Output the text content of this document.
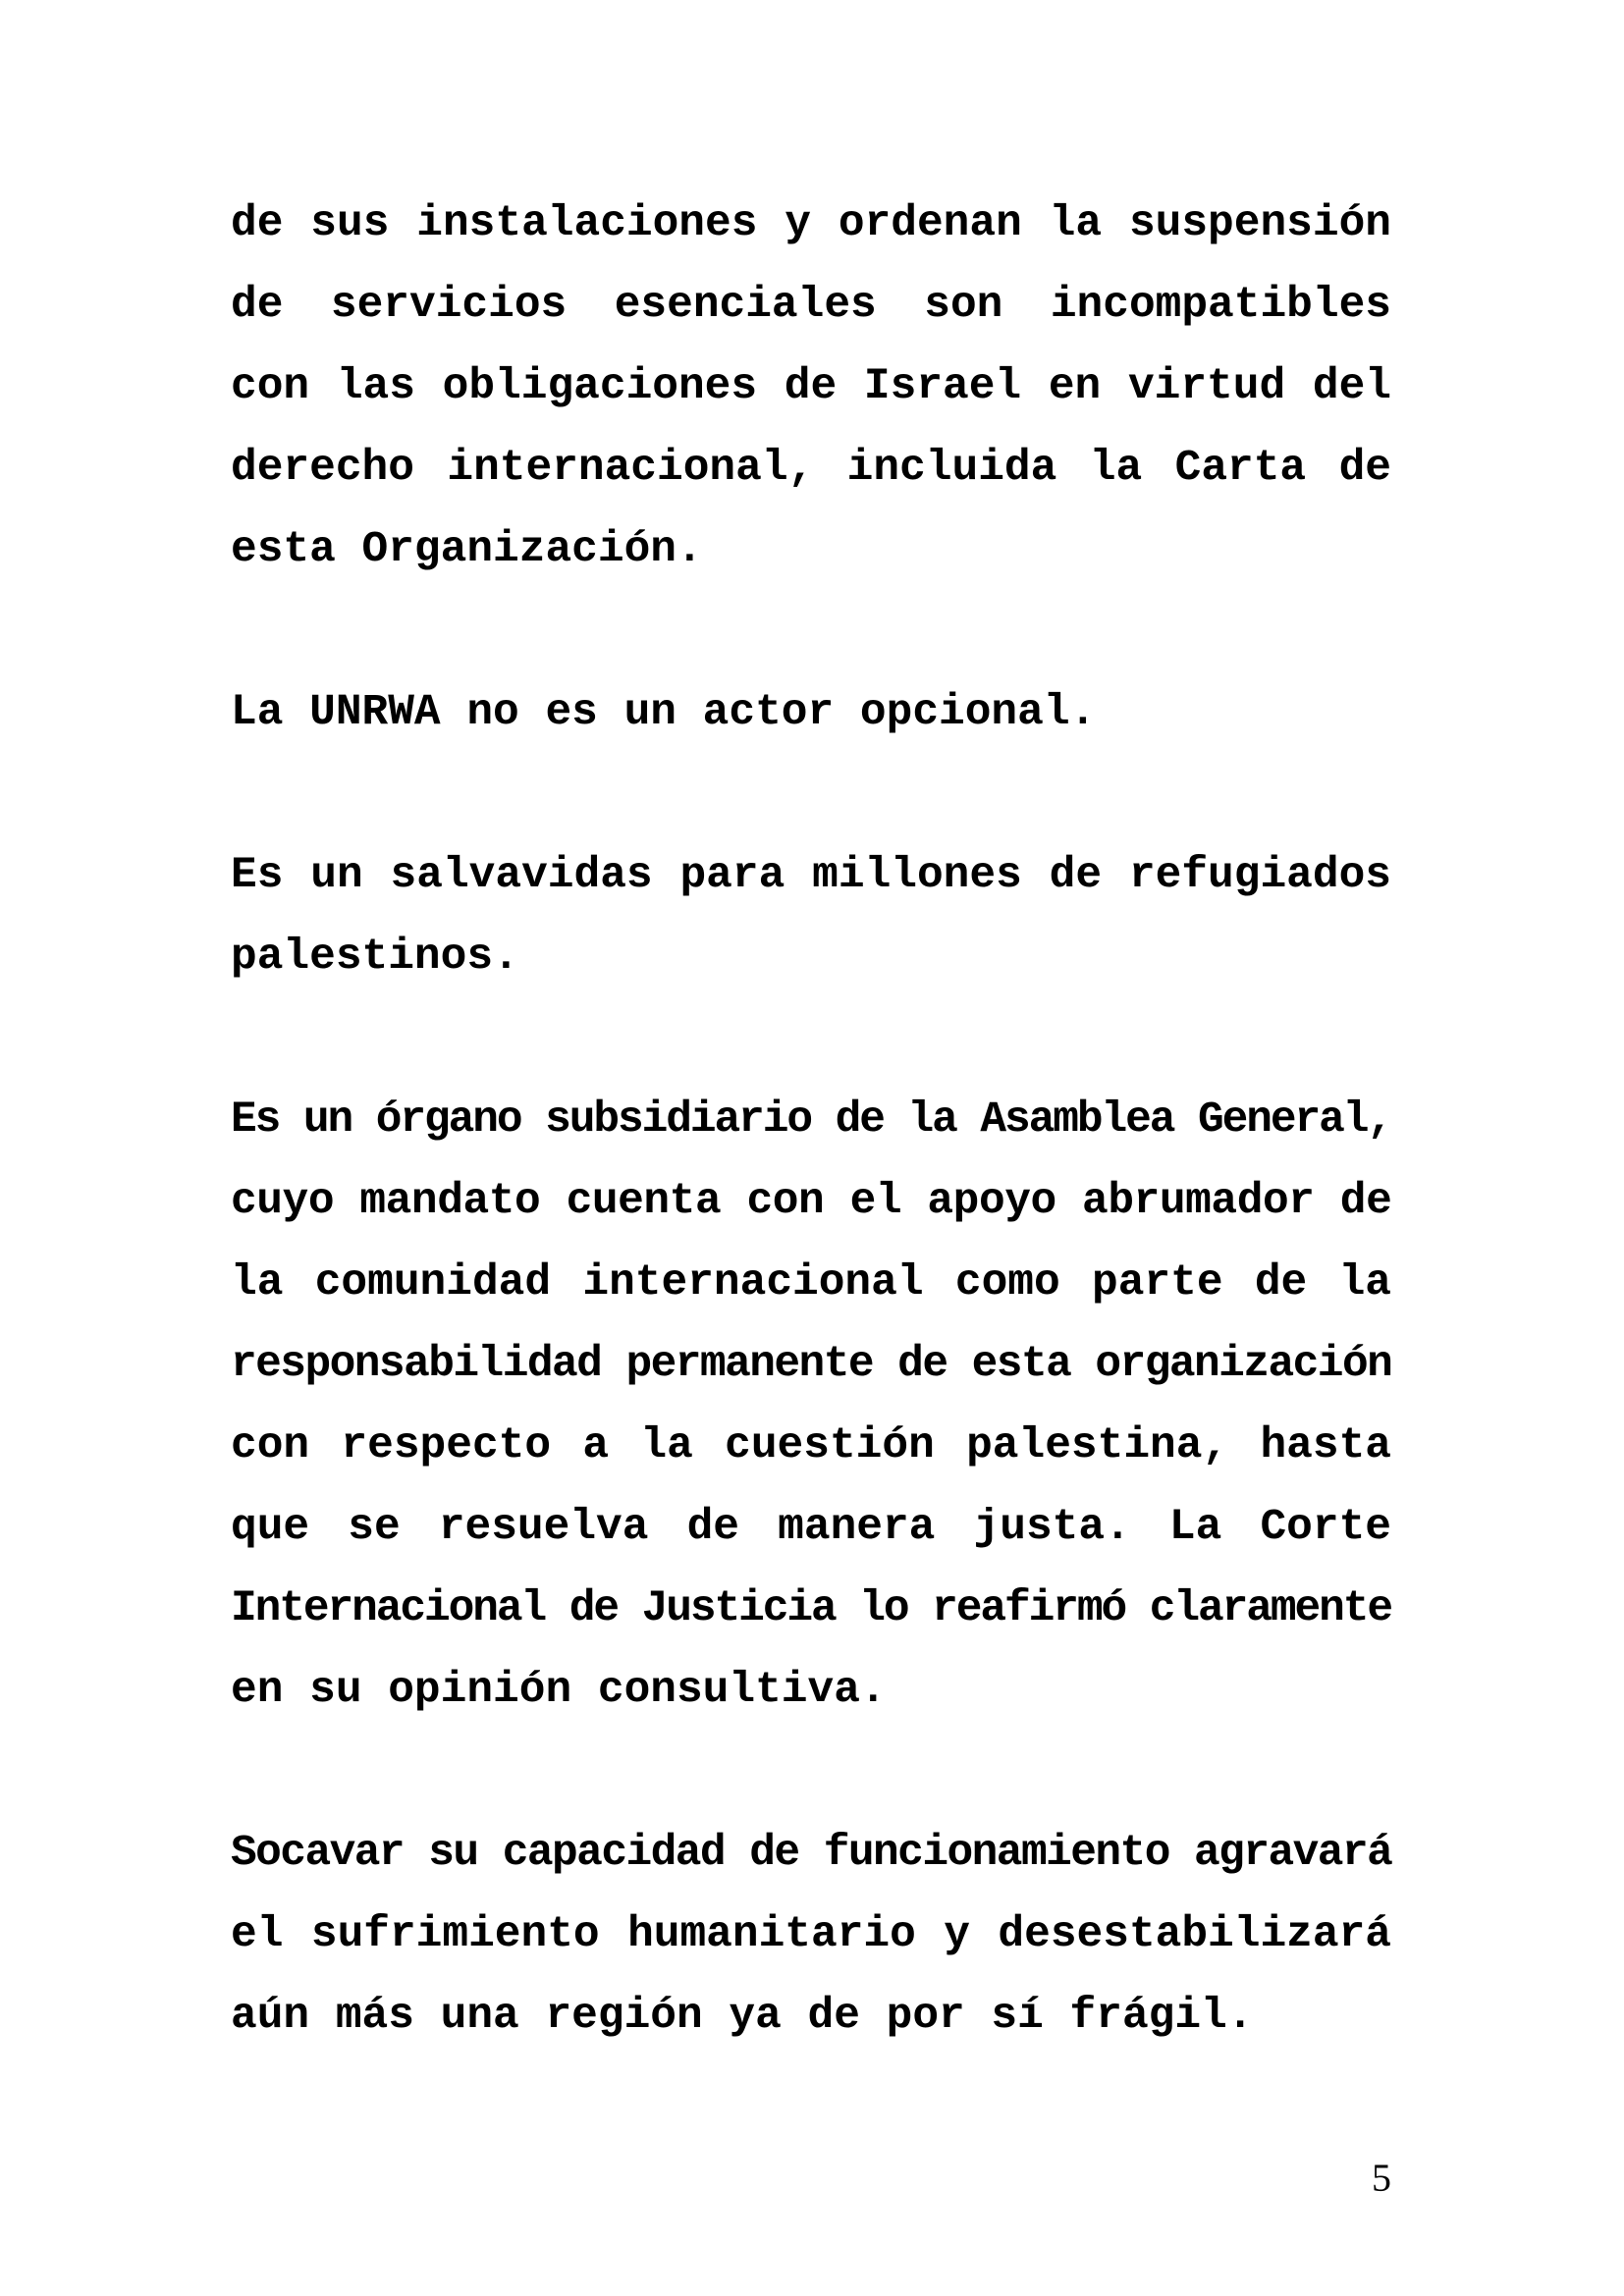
de sus instalaciones y ordenan la suspensión
de servicios esenciales son incompatibles
con las obligaciones de Israel en virtud del
derecho internacional, incluida la Carta de
esta Organización.
La UNRWA no es un actor opcional.
Es un salvavidas para millones de refugiados
palestinos.
Es un órgano subsidiario de la Asamblea General,
cuyo mandato cuenta con el apoyo abrumador de
la comunidad internacional como parte de la
responsabilidad permanente de esta organización
con respecto a la cuestión palestina, hasta
que se resuelva de manera justa. La Corte
Internacional de Justicia lo reafirmó claramente
en su opinión consultiva.
Socavar su capacidad de funcionamiento agravará
el sufrimiento humanitario y desestabilizará
aún más una región ya de por sí frágil.
5
